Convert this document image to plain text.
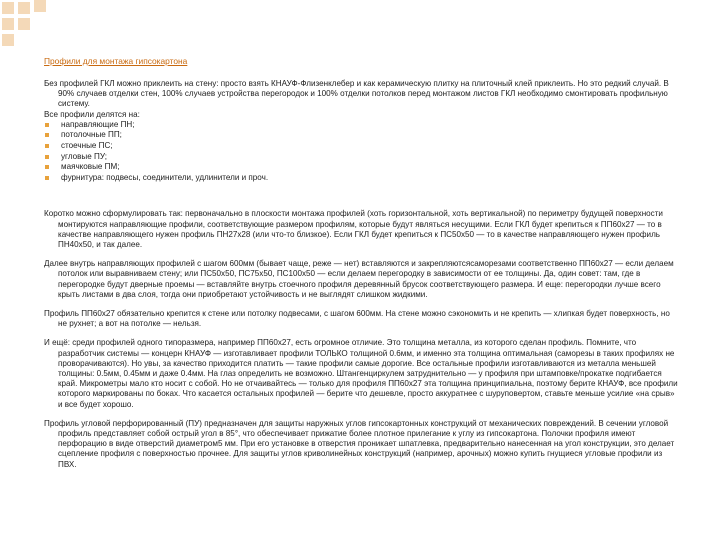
Профили для монтажа гипсокартона

Без профилей ГКЛ можно приклеить на стену: просто взять КНАУФ-Флизенклебер и как керамическую плитку на плиточный клей приклеить. Но это редкий случай. В 90% случаев отделки стен, 100% случаев устройства перегородок и 100% отделки потолков перед монтажом листов ГКЛ необходимо смонтировать профильную систему.

Все профили делятся на:

направляющие ПН;
потолочные ПП;
стоечные ПС;
угловые ПУ;
маячковые ПМ;
фурнитура: подвесы, соединители, удлинители и проч.

Коротко можно сформулировать так: первоначально в плоскости монтажа профилей (хоть горизонтальной, хоть вертикальной) по периметру будущей поверхности монтируются направляющие профили, соответствующие размером профилям, которые будут являться несущими. Если ГКЛ будет крепиться к ПП60х27 — то в качестве направляющего нужен профиль ПН27х28 (или что-то близкое). Если ГКЛ будет крепиться к ПС50х50 — то в качестве направляющего нужен профиль ПН40х50, и так далее.

Далее внутрь направляющих профилей с шагом 600мм (бывает чаще, реже — нет) вставляются и закрепляютсясаморезами соответственно ПП60х27 — если делаем потолок или выравниваем стену; или ПС50х50, ПС75х50, ПС100х50 — если делаем перегородку в зависимости от ее толщины. Да, один совет: там, где в перегородке будут дверные проемы — вставляйте внутрь стоечного профиля деревянный брусок соответствующего размера. И еще: перегородки лучше всего крыть листами в два слоя, тогда они приобретают устойчивость и не выглядят слишком жидкими.

Профиль ПП60х27 обязательно крепится к стене или потолку подвесами, с шагом 600мм. На стене можно сэкономить и не крепить — хлипкая будет поверхность, но не рухнет; а вот на потолке — нельзя.

И ещё: среди профилей одного типоразмера, например ПП60х27, есть огромное отличие. Это толщина металла, из которого сделан профиль. Помните, что разработчик системы — концерн КНАУФ — изготавливает профили ТОЛЬКО толщиной 0.6мм, и именно эта толщина оптимальная (саморезы в таких профилях не проворачиваются). Но увы, за качество приходится платить — такие профили самые дорогие. Все остальные профили изготавливаются из металла меньшей толщины: 0.5мм, 0.45мм и даже 0.4мм. На глаз определить не возможно. Штангенциркулем затруднительно — у профиля при штамповке/прокатке подгибается край. Микрометры мало кто носит с собой. Но не отчаивайтесь — только для профиля ПП60х27 эта толщина принципиальна, поэтому берите КНАУФ, все профили которого маркированы по боках. Что касается остальных профилей — берите что дешевле, просто аккуратнее с шуруповертом, ставьте меньше усилие «на срыв» и все будет хорошо.

Профиль угловой перфорированный (ПУ) предназначен для защиты наружных углов гипсокартонных конструкций от механических повреждений. В сечении угловой профиль представляет собой острый угол в 85°, что обеспечивает прижатие более плотное прилегание к углу из гипсокартона. Полочки профиля имеют перфорацию в виде отверстий диаметром5 мм. При его установке в отверстия проникает шпатлевка, предварительно нанесенная на угол конструкции, это делает сцепление профиля с поверхностью прочнее. Для защиты углов криволинейных конструкций (например, арочных) можно купить гнущиеся угловые профили из ПВХ.
